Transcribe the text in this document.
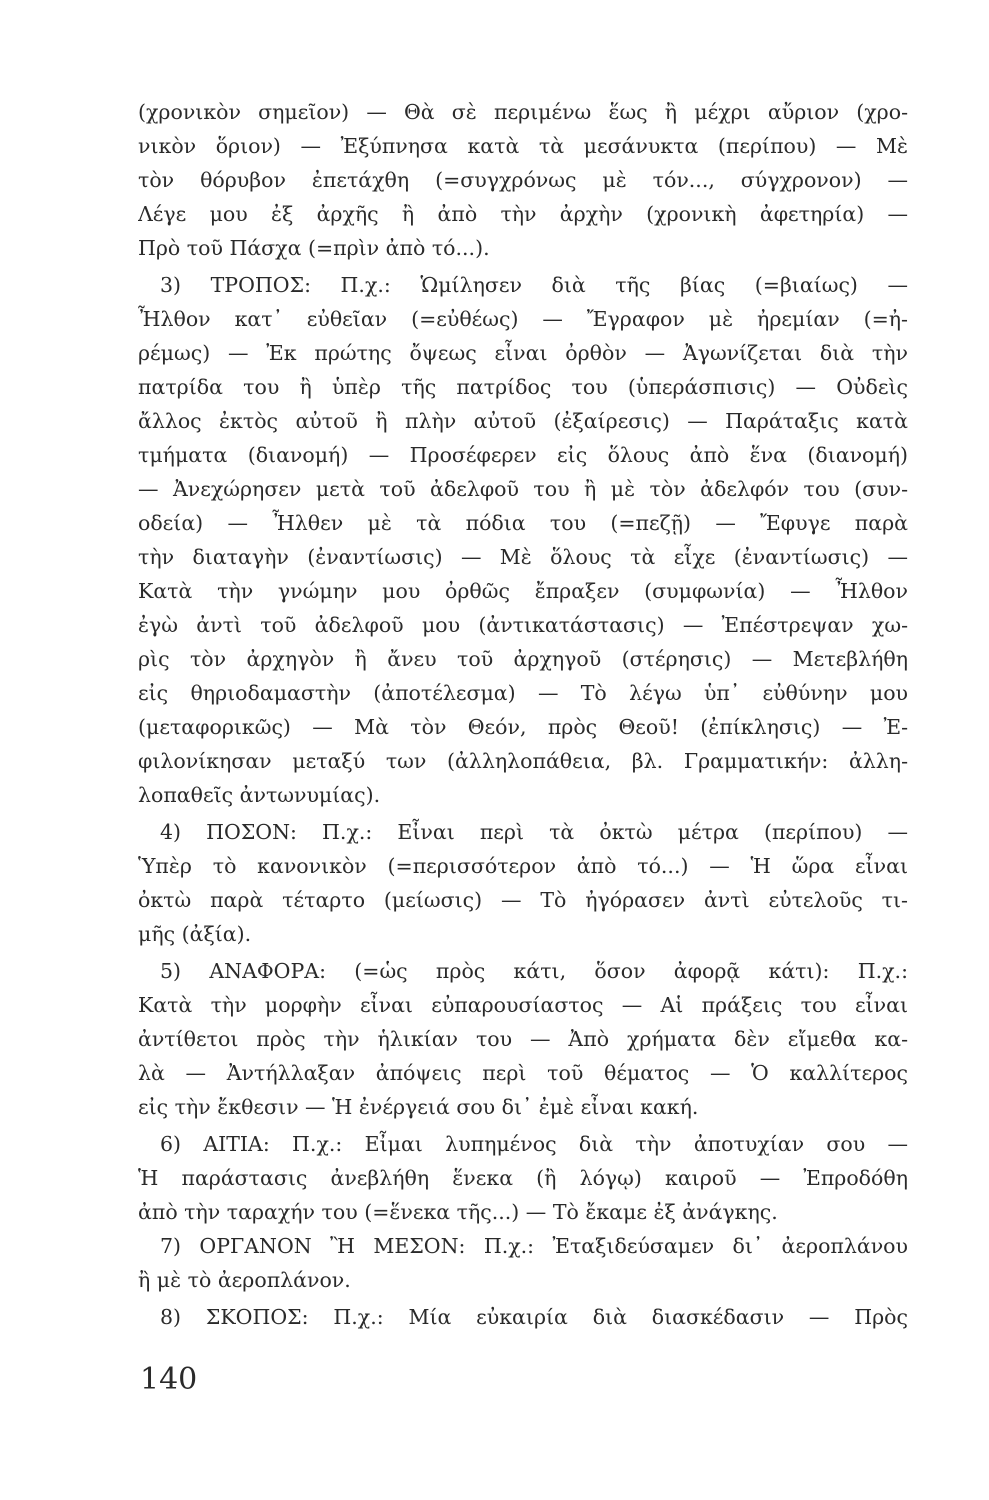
(χρονικὸν σημεῖον) — Θὰ σὲ περιμένω ἕως ἢ μέχρι αὔριον (χρο-
νικὸν ὅριον) — Ἐξύπνησα κατὰ τὰ μεσάνυκτα (περίπου) — Μὲ
τὸν θόρυβον ἐπετάχθη (=συγχρόνως μὲ τόν..., σύγχρονον) —
Λέγε μου ἐξ ἀρχῆς ἢ ἀπὸ τὴν ἀρχὴν (χρονικὴ ἀφετηρία) —
Πρὸ τοῦ Πάσχα (=πρὶν ἀπὸ τό...).
3) ΤΡΟΠΟΣ: Π.χ.: Ὡμίλησεν διὰ τῆς βίας (=βιαίως) —
Ἦλθον κατ᾽ εὐθεῖαν (=εὐθέως) — Ἔγραφον μὲ ἠρεμίαν (=ἠ-
ρέμως) — Ἐκ πρώτης ὄψεως εἶναι ὀρθὸν — Ἀγωνίζεται διὰ τὴν
πατρίδα του ἢ ὑπὲρ τῆς πατρίδος του (ὑπεράσπισις) — Οὐδεὶς
ἄλλος ἐκτὸς αὐτοῦ ἢ πλὴν αὐτοῦ (ἐξαίρεσις) — Παράταξις κατὰ
τμήματα (διανομή) — Προσέφερεν εἰς ὅλους ἀπὸ ἕνα (διανομή)
— Ἀνεχώρησεν μετὰ τοῦ ἀδελφοῦ του ἢ μὲ τὸν ἀδελφόν του (συν-
οδεία) — Ἦλθεν μὲ τὰ πόδια του (=πεζῇ) — Ἔφυγε παρὰ
τὴν διαταγὴν (ἐναντίωσις) — Μὲ ὅλους τὰ εἶχε (ἐναντίωσις) —
Κατὰ τὴν γνώμην μου ὀρθῶς ἔπραξεν (συμφωνία) — Ἦλθον
ἐγὼ ἀντὶ τοῦ ἀδελφοῦ μου (ἀντικατάστασις) — Ἐπέστρεψαν χω-
ρὶς τὸν ἀρχηγὸν ἢ ἄνευ τοῦ ἀρχηγοῦ (στέρησις) — Μετεβλήθη
εἰς θηριοδαμαστὴν (ἀποτέλεσμα) — Τὸ λέγω ὑπ᾽ εὐθύνην μου
(μεταφορικῶς) — Μὰ τὸν Θεόν, πρὸς Θεοῦ! (ἐπίκλησις) — Ἐ-
φιλονίκησαν μεταξύ των (ἀλληλοπάθεια, βλ. Γραμματικήν: ἀλλη-
λοπαθεῖς ἀντωνυμίας).
4) ΠΟΣΟΝ: Π.χ.: Εἶναι περὶ τὰ ὀκτὼ μέτρα (περίπου) —
Ὑπὲρ τὸ κανονικὸν (=περισσότερον ἀπὸ τό...) — Ἡ ὥρα εἶναι
ὀκτὼ παρὰ τέταρτο (μείωσις) — Τὸ ἠγόρασεν ἀντὶ εὐτελοῦς τι-
μῆς (ἀξία).
5) ΑΝΑΦΟΡΑ: (=ὡς πρὸς κάτι, ὅσον ἀφορᾷ κάτι): Π.χ.:
Κατὰ τὴν μορφὴν εἶναι εὐπαρουσίαστος — Αἱ πράξεις του εἶναι
ἀντίθετοι πρὸς τὴν ἡλικίαν του — Ἀπὸ χρήματα δὲν εἴμεθα κα-
λὰ — Ἀντήλλαξαν ἀπόψεις περὶ τοῦ θέματος — Ὁ καλλίτερος
εἰς τὴν ἔκθεσιν — Ἡ ἐνέργειά σου δι᾽ ἐμὲ εἶναι κακή.
6) ΑΙΤΙΑ: Π.χ.: Εἶμαι λυπημένος διὰ τὴν ἀποτυχίαν σου —
Ἡ παράστασις ἀνεβλήθη ἕνεκα (ἢ λόγῳ) καιροῦ — Ἐπροδόθη
ἀπὸ τὴν ταραχήν του (=ἕνεκα τῆς...) — Τὸ ἔκαμε ἐξ ἀνάγκης.
7) ΟΡΓΑΝΟΝ Ἢ ΜΕΣΟΝ: Π.χ.: Ἐταξιδεύσαμεν δι᾽ ἀεροπλάνου
ἢ μὲ τὸ ἀεροπλάνον.
8) ΣΚΟΠΟΣ: Π.χ.: Μία εὐκαιρία διὰ διασκέδασιν — Πρὸς
140
